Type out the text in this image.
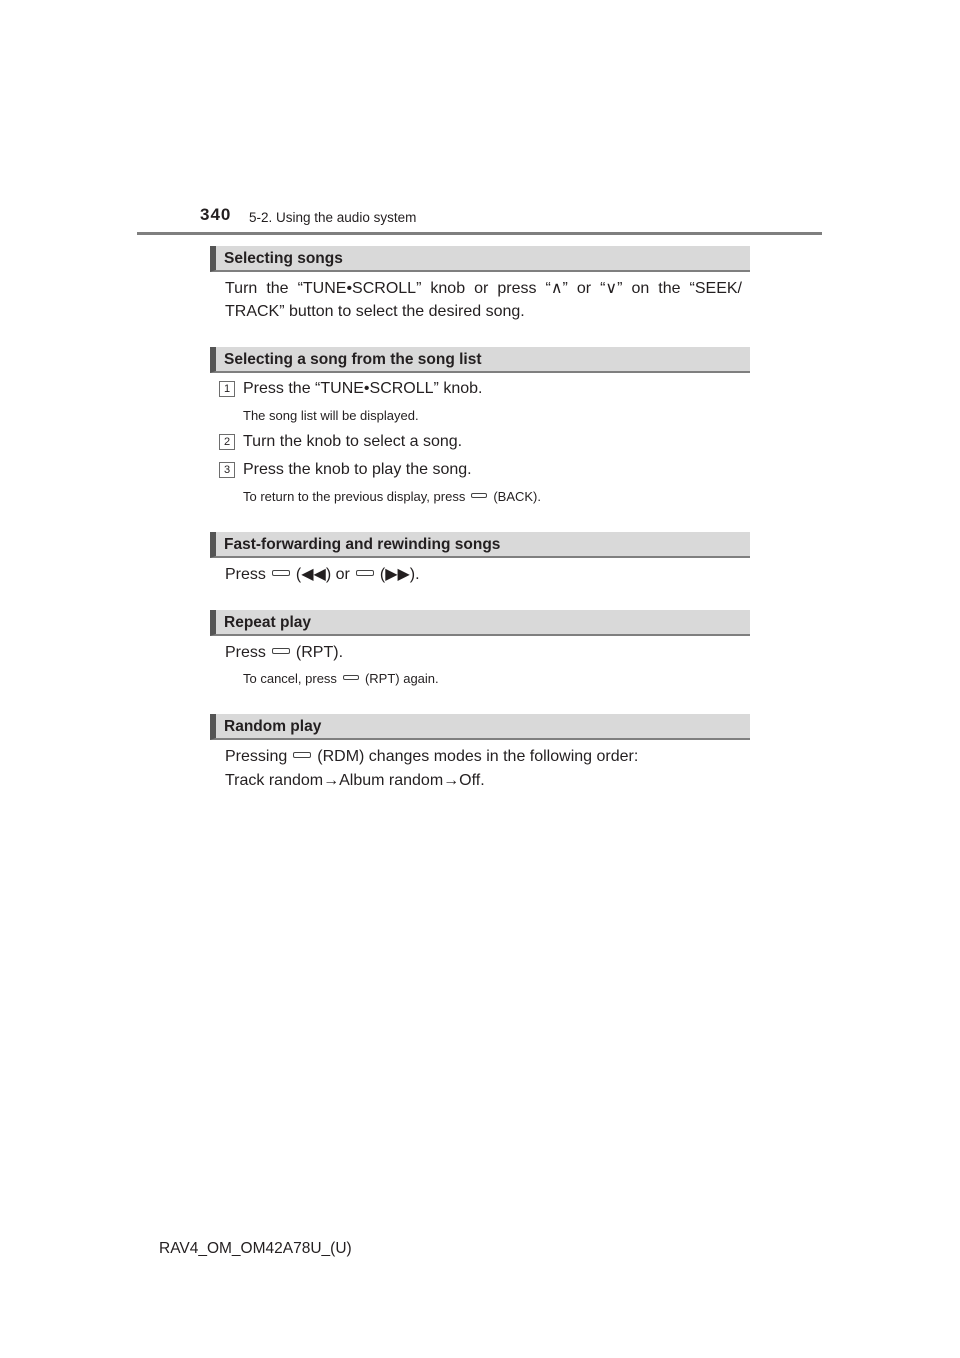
340 5-2. Using the audio system
Selecting songs
Turn the “TUNE•SCROLL” knob or press “∧” or “∨” on the “SEEK/
TRACK” button to select the desired song.
Selecting a song from the song list
1 Press the “TUNE•SCROLL” knob.
The song list will be displayed.
2 Turn the knob to select a song.
3 Press the knob to play the song.
To return to the previous display, press (BACK).
Fast-forwarding and rewinding songs
Press (◀◀) or (▶▶).
Repeat play
Press (RPT).
To cancel, press (RPT) again.
Random play
Pressing (RDM) changes modes in the following order:
Track random→Album random→Off.
RAV4_OM_OM42A78U_(U)
